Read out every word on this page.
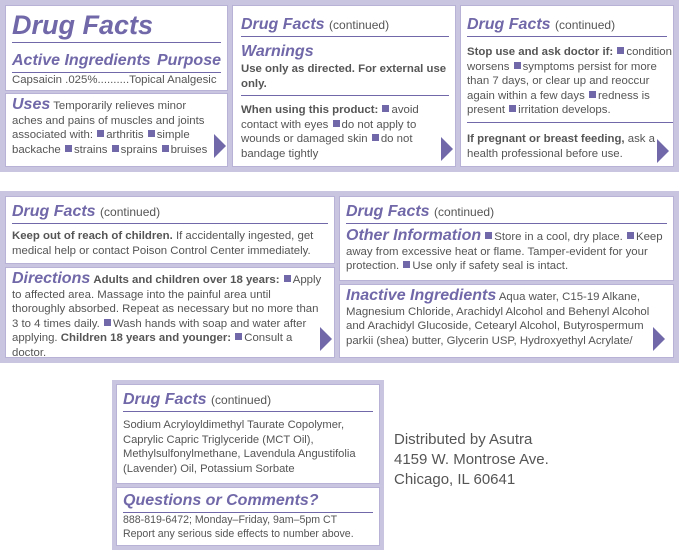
Drug Facts
Active Ingredients Purpose
Capsaicin .025%..........Topical Analgesic
Uses Temporarily relieves minor aches and pains of muscles and joints associated with: arthritis simple backache strains sprains bruises
Drug Facts (continued)
Warnings
Use only as directed. For external use only.
When using this product: avoid contact with eyes do not apply to wounds or damaged skin do not bandage tightly
Drug Facts (continued)
Stop use and ask doctor if: condition worsens symptoms persist for more than 7 days, or clear up and reoccur again within a few days redness is present irritation develops.
If pregnant or breast feeding, ask a health professional before use.
Drug Facts (continued)
Keep out of reach of children. If accidentally ingested, get medical help or contact Poison Control Center immediately.
Directions Adults and children over 18 years: Apply to affected area. Massage into the painful area until thoroughly absorbed. Repeat as necessary but no more than 3 to 4 times daily. Wash hands with soap and water after applying. Children 18 years and younger: Consult a doctor.
Drug Facts (continued)
Other Information Store in a cool, dry place. Keep away from excessive heat or flame. Tamper-evident for your protection. Use only if safety seal is intact.
Inactive Ingredients Aqua water, C15-19 Alkane, Magnesium Chloride, Arachidyl Alcohol and Behenyl Alcohol and Arachidyl Glucoside, Cetearyl Alcohol, Butyrospermum parkii (shea) butter, Glycerin USP, Hydroxyethyl Acrylate/
Drug Facts (continued)
Sodium Acryloyldimethyl Taurate Copolymer, Caprylic Capric Triglyceride (MCT Oil), Methylsulfonylmethane, Lavendula Angustifolia (Lavender) Oil, Potassium Sorbate
Questions or Comments?
888-819-6472; Monday–Friday, 9am–5pm CT
Report any serious side effects to number above.
Distributed by Asutra
4159 W. Montrose Ave.
Chicago, IL 60641
